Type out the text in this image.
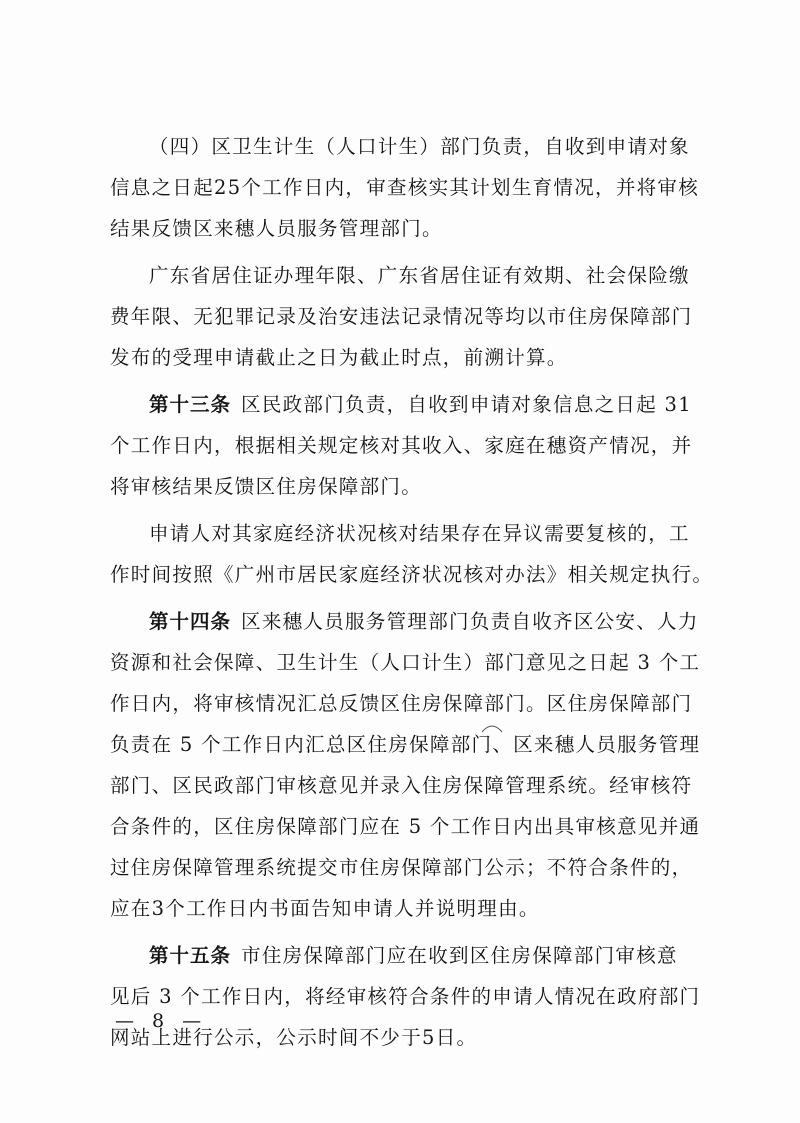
（四）区卫生计生（人口计生）部门负责，自收到申请对象
信息之日起25个工作日内，审查核实其计划生育情况，并将审核
结果反馈区来穗人员服务管理部门。

广东省居住证办理年限、广东省居住证有效期、社会保险缴
费年限、无犯罪记录及治安违法记录情况等均以市住房保障部门
发布的受理申请截止之日为截止时点，前溯计算。

第十三条 区民政部门负责，自收到申请对象信息之日起 31
个工作日内，根据相关规定核对其收入、家庭在穗资产情况，并
将审核结果反馈区住房保障部门。

申请人对其家庭经济状况核对结果存在异议需要复核的，工
作时间按照《广州市居民家庭经济状况核对办法》相关规定执行。

第十四条 区来穗人员服务管理部门负责自收齐区公安、人力
资源和社会保障、卫生计生（人口计生）部门意见之日起 3 个工
作日内，将审核情况汇总反馈区住房保障部门。区住房保障部门
负责在 5 个工作日内汇总区住房保障部门、区来穗人员服务管理
部门、区民政部门审核意见并录入住房保障管理系统。经审核符
合条件的，区住房保障部门应在 5 个工作日内出具审核意见并通
过住房保障管理系统提交市住房保障部门公示；不符合条件的，
应在3个工作日内书面告知申请人并说明理由。

第十五条 市住房保障部门应在收到区住房保障部门审核意
见后 3 个工作日内，将经审核符合条件的申请人情况在政府部门
网站上进行公示，公示时间不少于5日。

— 8 —
